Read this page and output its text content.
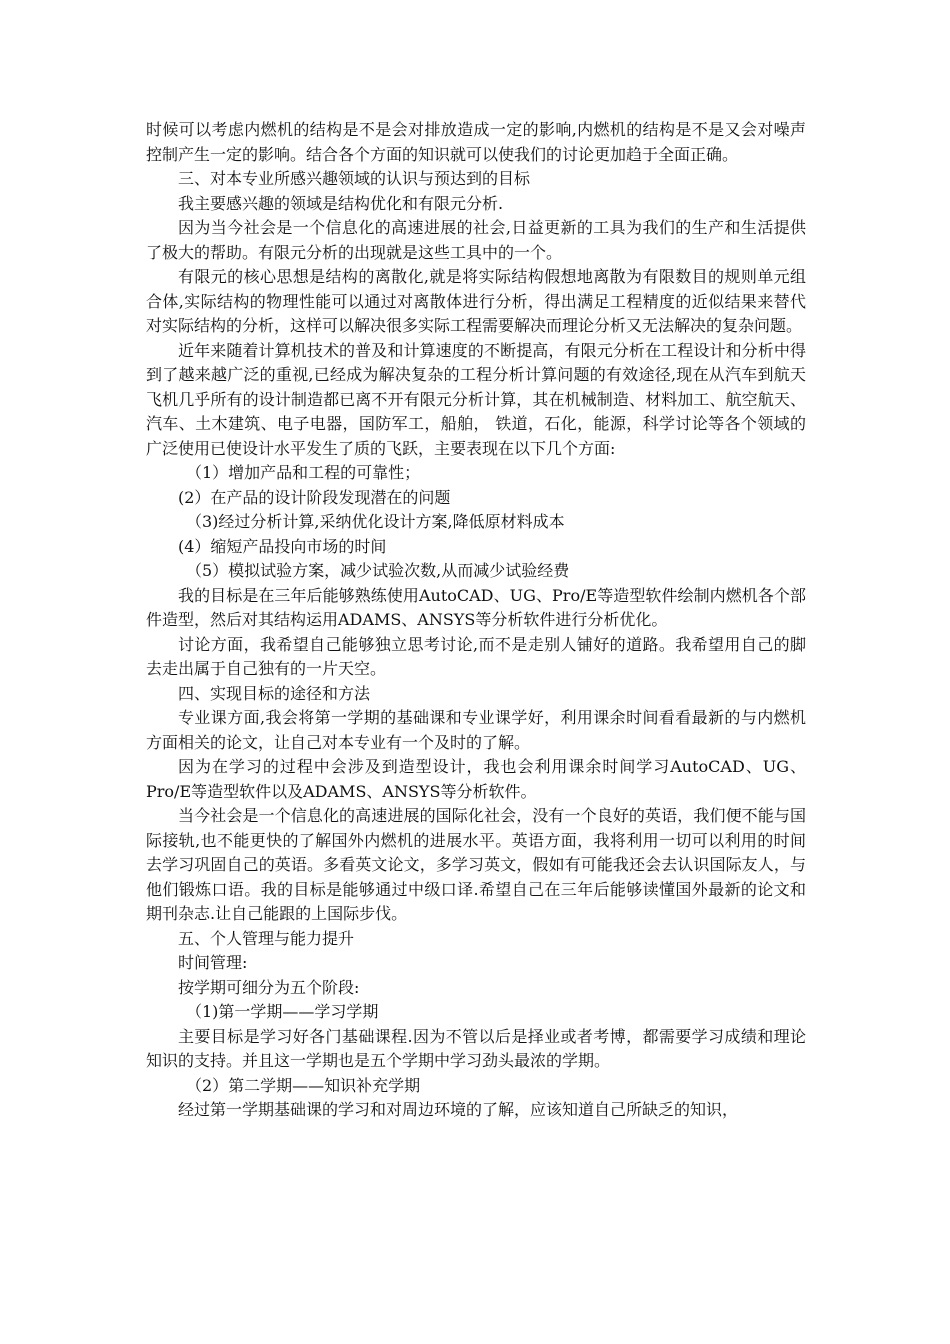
时候可以考虑内燃机的结构是不是会对排放造成一定的影响,内燃机的结构是不是又会对噪声控制产生一定的影响。结合各个方面的知识就可以使我们的讨论更加趋于全面正确。

三、对本专业所感兴趣领域的认识与预达到的目标

我主要感兴趣的领域是结构优化和有限元分析.

因为当今社会是一个信息化的高速进展的社会,日益更新的工具为我们的生产和生活提供了极大的帮助。有限元分析的出现就是这些工具中的一个。

有限元的核心思想是结构的离散化,就是将实际结构假想地离散为有限数目的规则单元组合体,实际结构的物理性能可以通过对离散体进行分析，得出满足工程精度的近似结果来替代对实际结构的分析，这样可以解决很多实际工程需要解决而理论分析又无法解决的复杂问题。

近年来随着计算机技术的普及和计算速度的不断提高，有限元分析在工程设计和分析中得到了越来越广泛的重视,已经成为解决复杂的工程分析计算问题的有效途径,现在从汽车到航天飞机几乎所有的设计制造都已离不开有限元分析计算，其在机械制造、材料加工、航空航天、汽车、土木建筑、电子电器，国防军工，船舶， 铁道，石化，能源，科学讨论等各个领域的广泛使用已使设计水平发生了质的飞跃，主要表现在以下几个方面:

（1）增加产品和工程的可靠性；

(2）在产品的设计阶段发现潜在的问题

（3)经过分析计算,采纳优化设计方案,降低原材料成本

(4）缩短产品投向市场的时间

（5）模拟试验方案，减少试验次数,从而减少试验经费

我的目标是在三年后能够熟练使用AutoCAD、UG、Pro/E等造型软件绘制内燃机各个部件造型，然后对其结构运用ADAMS、ANSYS等分析软件进行分析优化。

讨论方面，我希望自己能够独立思考讨论,而不是走别人铺好的道路。我希望用自己的脚去走出属于自己独有的一片天空。

四、实现目标的途径和方法

专业课方面,我会将第一学期的基础课和专业课学好，利用课余时间看看最新的与内燃机方面相关的论文，让自己对本专业有一个及时的了解。

因为在学习的过程中会涉及到造型设计，我也会利用课余时间学习AutoCAD、UG、Pro/E等造型软件以及ADAMS、ANSYS等分析软件。

当今社会是一个信息化的高速进展的国际化社会，没有一个良好的英语，我们便不能与国际接轨,也不能更快的了解国外内燃机的进展水平。英语方面，我将利用一切可以利用的时间去学习巩固自己的英语。多看英文论文，多学习英文，假如有可能我还会去认识国际友人，与他们锻炼口语。我的目标是能够通过中级口译.希望自己在三年后能够读懂国外最新的论文和期刊杂志.让自己能跟的上国际步伐。

五、个人管理与能力提升

时间管理:

按学期可细分为五个阶段:

（1)第一学期——学习学期

主要目标是学习好各门基础课程.因为不管以后是择业或者考博，都需要学习成绩和理论知识的支持。并且这一学期也是五个学期中学习劲头最浓的学期。

（2）第二学期——知识补充学期

经过第一学期基础课的学习和对周边环境的了解，应该知道自己所缺乏的知识，
